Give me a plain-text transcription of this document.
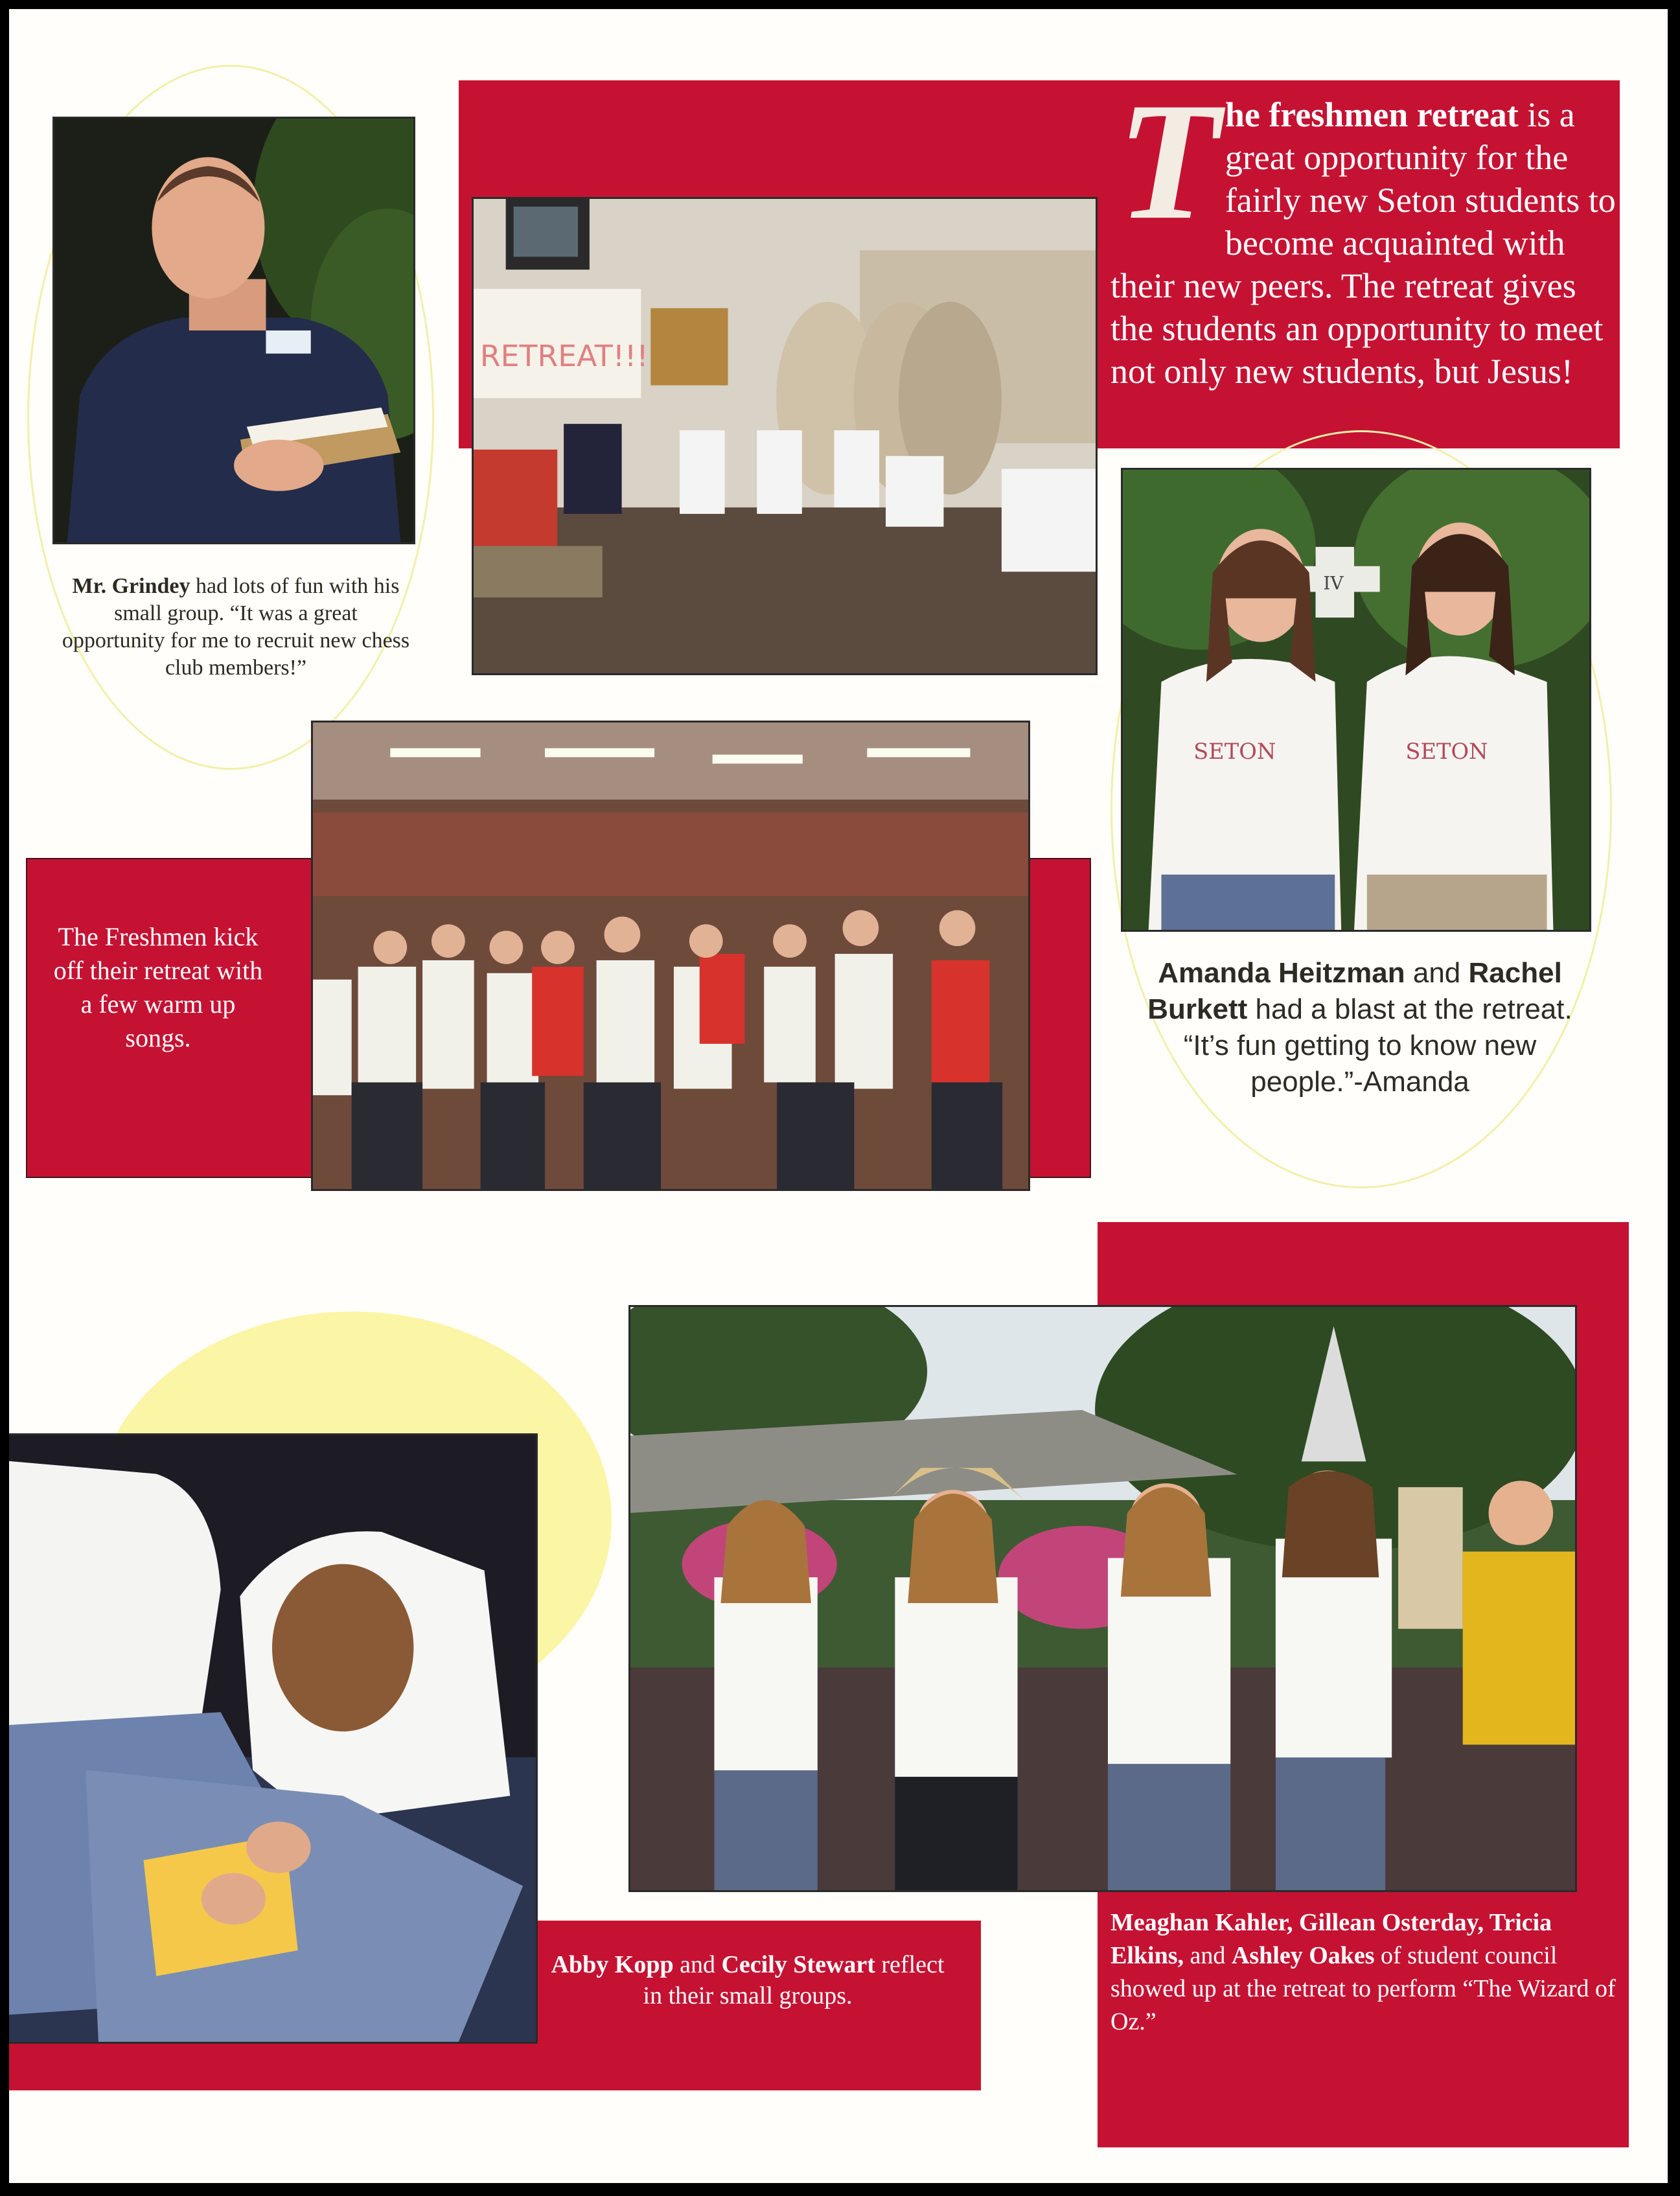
Mr. Grindey had lots of fun with his small group. “It was a great opportunity for me to recruit new chess club members!”
T he freshmen retreat is a great opportunity for the fairly new Seton students to become acquainted with their new peers. The retreat gives the students an opportunity to meet not only new students, but Jesus!
RETREAT!!!
The Freshmen kick off their retreat with a few warm up songs.
IV
SETON	SETON
Amanda Heitzman and Rachel Burkett had a blast at the retreat. “It’s fun getting to know new people.”-Amanda
Abby Kopp and Cecily Stewart reflect in their small groups.
Meaghan Kahler, Gillean Osterday, Tricia Elkins, and Ashley Oakes of student council showed up at the retreat to perform “The Wizard of Oz.”
